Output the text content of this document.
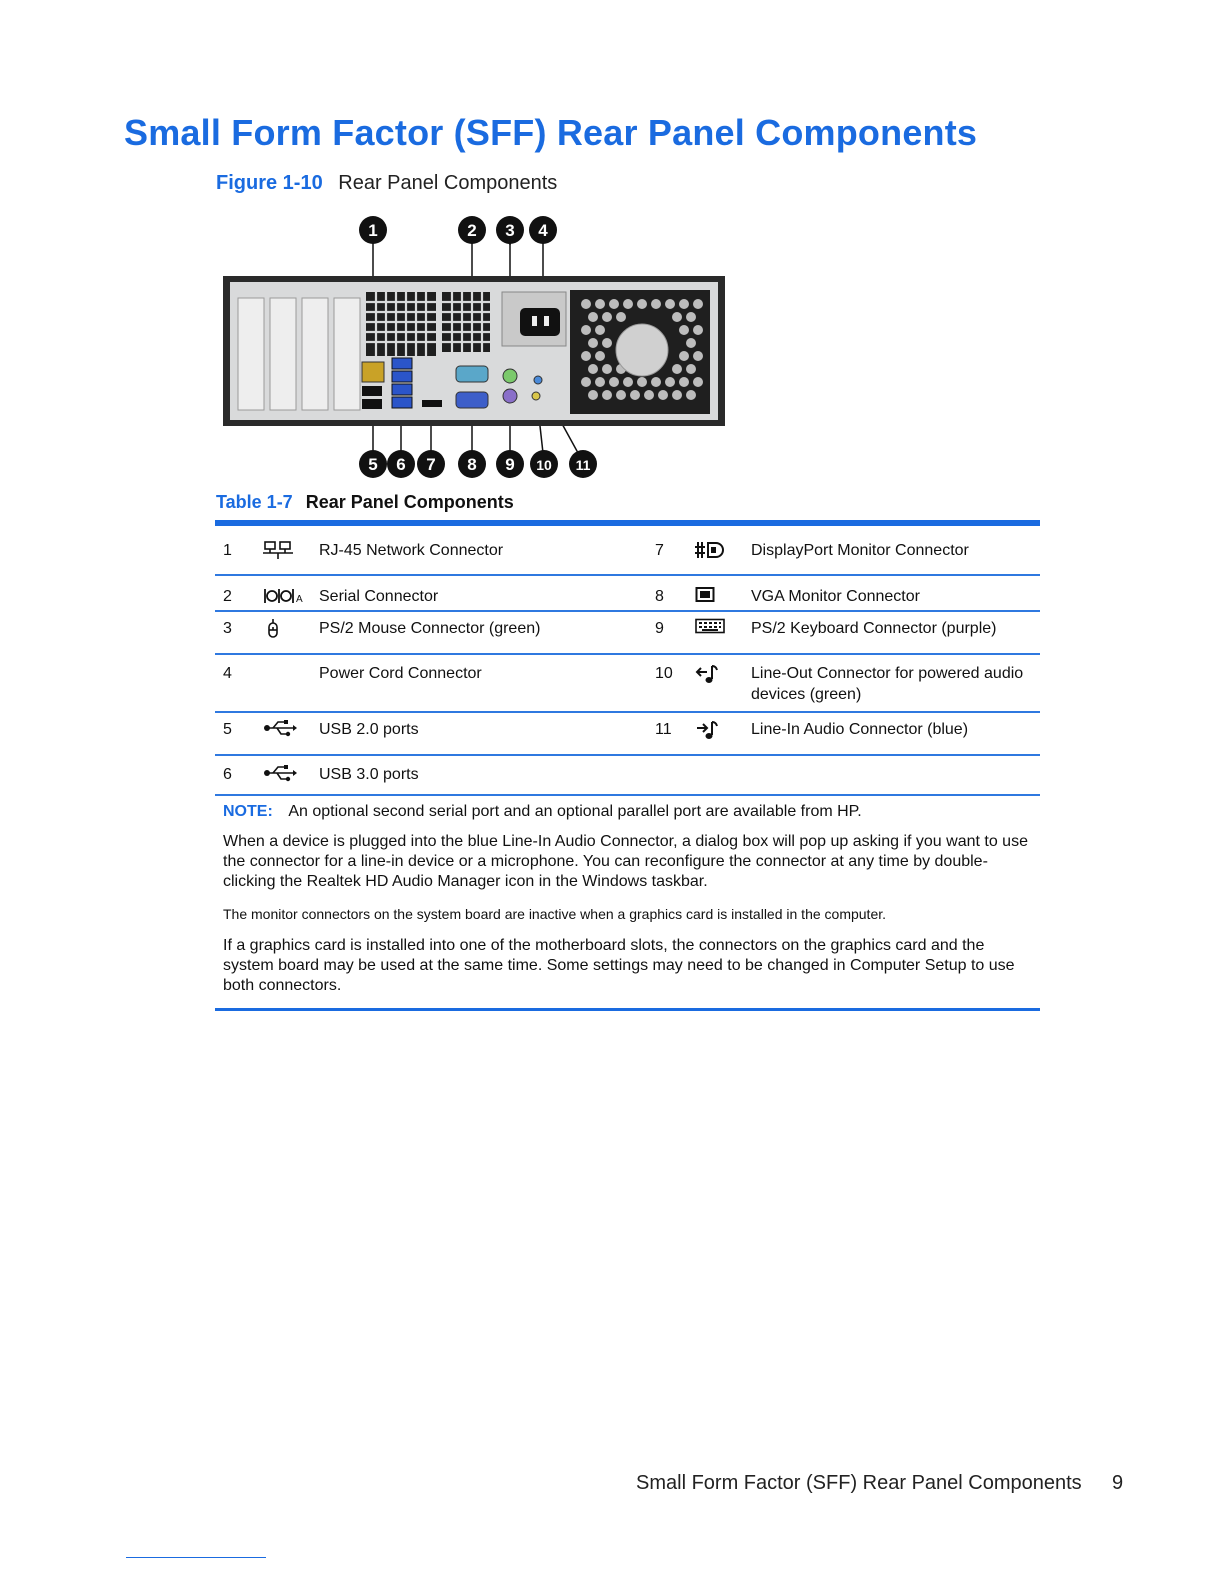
Small Form Factor (SFF) Rear Panel Components
Figure 1-10 Rear Panel Components
1	2 3 4
5 6 7 8 9 10 11
Table 1-7 Rear Panel Components
1	RJ-45 Network Connector	7	DisplayPort Monitor Connector
2	A Serial Connector	8	VGA Monitor Connector
3	PS/2 Mouse Connector (green)	9	PS/2 Keyboard Connector (purple)
4	Power Cord Connector	10	Line-Out Connector for powered audio devices (green)
5	USB 2.0 ports	11	Line-In Audio Connector (blue)
6	USB 3.0 ports
NOTE: An optional second serial port and an optional parallel port are available from HP.

When a device is plugged into the blue Line-In Audio Connector, a dialog box will pop up asking if you want to use the connector for a line-in device or a microphone. You can reconfigure the connector at any time by double-clicking the Realtek HD Audio Manager icon in the Windows taskbar.

The monitor connectors on the system board are inactive when a graphics card is installed in the computer.

If a graphics card is installed into one of the motherboard slots, the connectors on the graphics card and the system board may be used at the same time. Some settings may need to be changed in Computer Setup to use both connectors.

Small Form Factor (SFF) Rear Panel Components 9
